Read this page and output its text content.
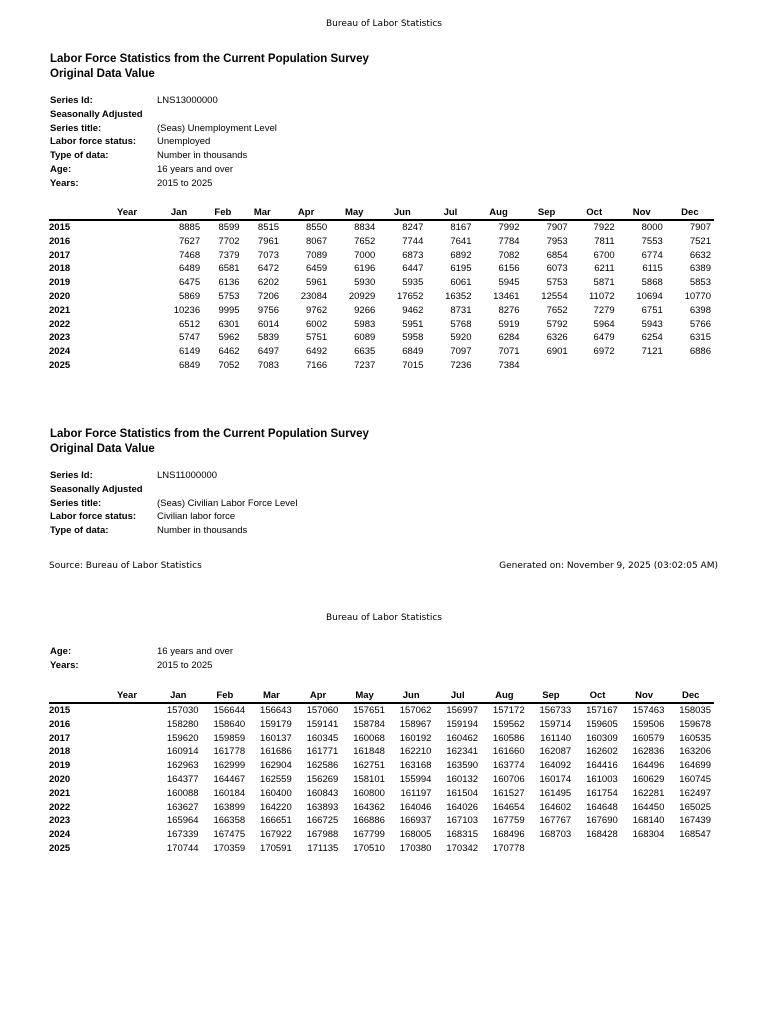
Bureau of Labor Statistics
Labor Force Statistics from the Current Population Survey
Original Data Value
Series Id:	LNS13000000
Seasonally Adjusted
Series title:	(Seas) Unemployment Level
Labor force status: Unemployed
Type of data:	Number in thousands
Age:	16 years and over
Years:	2015 to 2025
Year	Jan	Feb	Mar	Apr	May	Jun	Jul	Aug	Sep	Oct	Nov	Dec
2015	8885	8599	8515	8550	8834	8247	8167	7992	7907	7922	8000	7907
2016	7627	7702	7961	8067	7652	7744	7641	7784	7953	7811	7553	7521
2017	7468	7379	7073	7089	7000	6873	6892	7082	6854	6700	6774	6632
2018	6489	6581	6472	6459	6196	6447	6195	6156	6073	6211	6115	6389
2019	6475	6136	6202	5961	5930	5935	6061	5945	5753	5871	5868	5853
2020	5869	5753	7206	23084	20929	17652	16352	13461	12554	11072	10694	10770
2021	10236	9995	9756	9762	9266	9462	8731	8276	7652	7279	6751	6398
2022	6512	6301	6014	6002	5983	5951	5768	5919	5792	5964	5943	5766
2023	5747	5962	5839	5751	6089	5958	5920	6284	6326	6479	6254	6315
2024	6149	6462	6497	6492	6635	6849	7097	7071	6901	6972	7121	6886
2025	6849	7052	7083	7166	7237	7015	7236	7384				
Labor Force Statistics from the Current Population Survey
Original Data Value
Series Id:	LNS11000000
Seasonally Adjusted
Series title:	(Seas) Civilian Labor Force Level
Labor force status: Civilian labor force
Type of data:	Number in thousands
Source: Bureau of Labor Statistics	Generated on: November 9, 2025 (03:02:05 AM)
Bureau of Labor Statistics
Age:	16 years and over
Years:	2015 to 2025
Year	Jan	Feb	Mar	Apr	May	Jun	Jul	Aug	Sep	Oct	Nov	Dec
2015	157030	156644	156643	157060	157651	157062	156997	157172	156733	157167	157463	158035
2016	158280	158640	159179	159141	158784	158967	159194	159562	159714	159605	159506	159678
2017	159620	159859	160137	160345	160068	160192	160462	160586	161140	160309	160579	160535
2018	160914	161778	161686	161771	161848	162210	162341	161660	162087	162602	162836	163206
2019	162963	162999	162904	162586	162751	163168	163590	163774	164092	164416	164496	164699
2020	164377	164467	162559	156269	158101	155994	160132	160706	160174	161003	160629	160745
2021	160088	160184	160400	160843	160800	161197	161504	161527	161495	161754	162281	162497
2022	163627	163899	164220	163893	164362	164046	164026	164654	164602	164648	164450	165025
2023	165964	166358	166651	166725	166886	166937	167103	167759	167767	167690	168140	167439
2024	167339	167475	167922	167988	167799	168005	168315	168496	168703	168428	168304	168547
2025	170744	170359	170591	171135	170510	170380	170342	170778				
